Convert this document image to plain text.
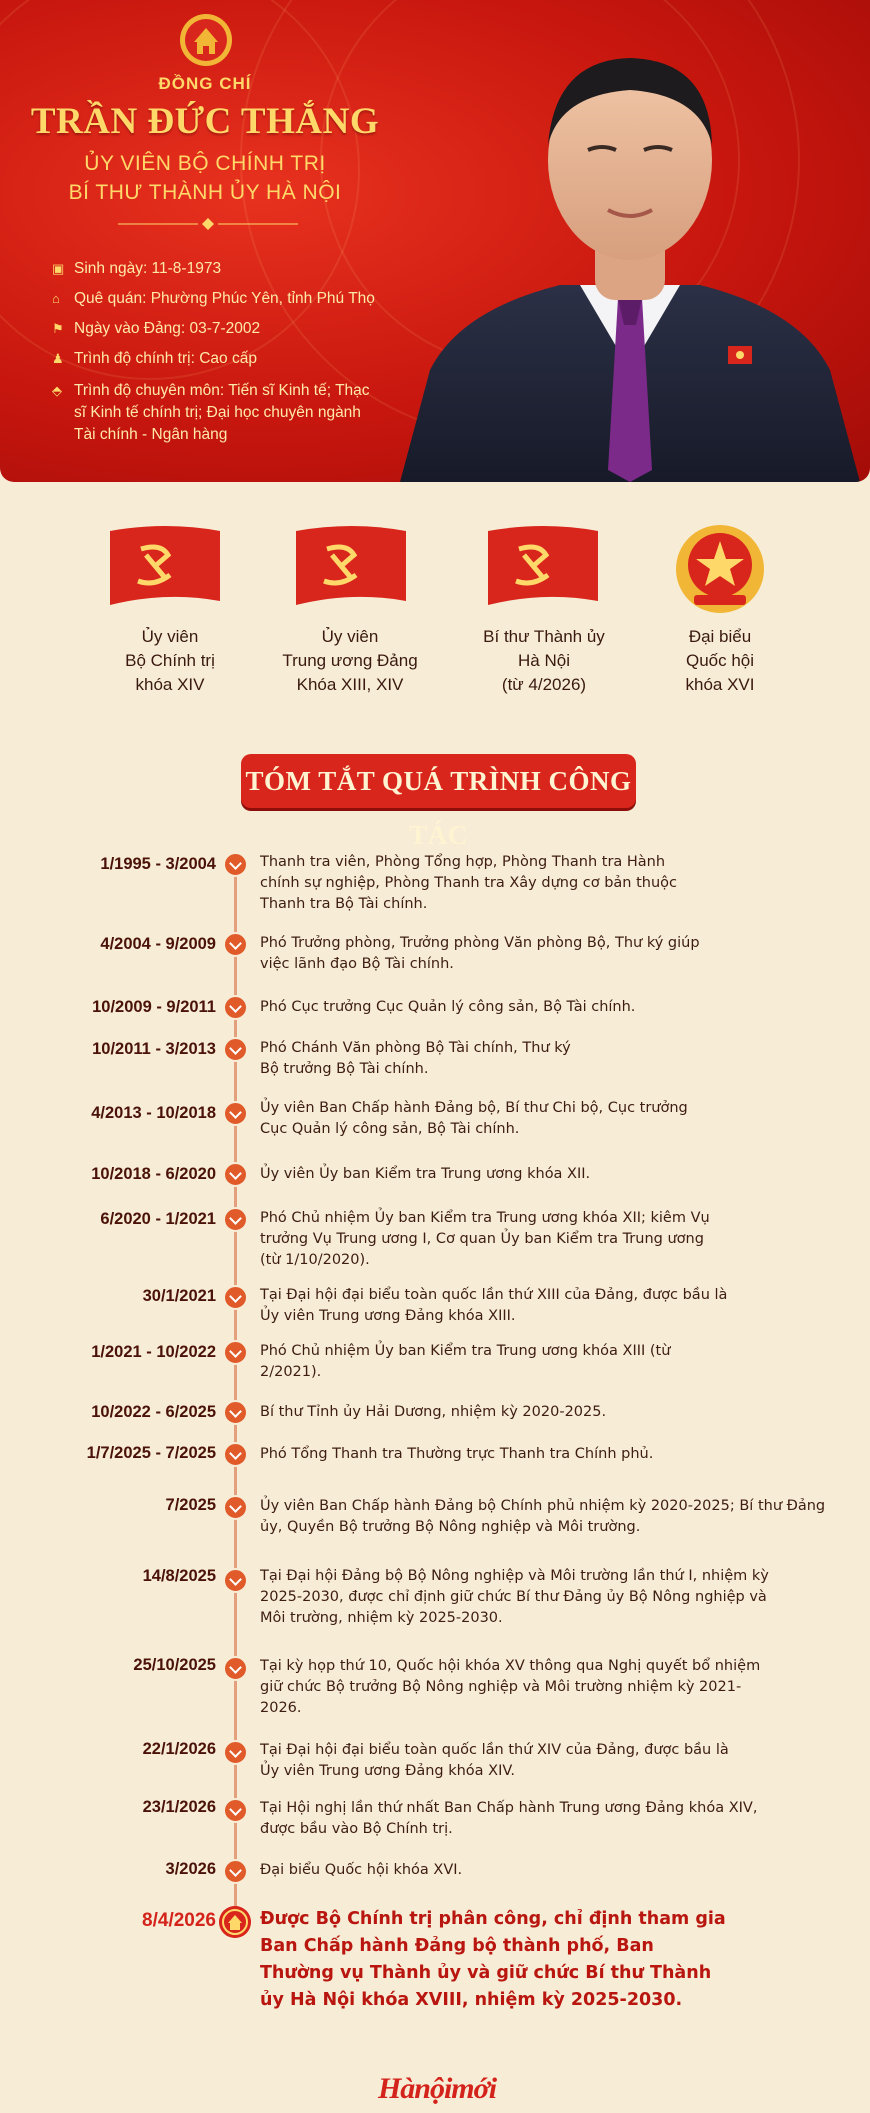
ĐỒNG CHÍ
TRẦN ĐỨC THẮNG
ỦY VIÊN BỘ CHÍNH TRỊ
BÍ THƯ THÀNH ỦY HÀ NỘI
▣ Sinh ngày: 11-8-1973
⌂ Quê quán: Phường Phúc Yên, tỉnh Phú Thọ
⚑ Ngày vào Đảng: 03-7-2002
♟ Trình độ chính trị: Cao cấp
⬘ Trình độ chuyên môn: Tiến sĩ Kinh tế; Thạc sĩ Kinh tế chính trị; Đại học chuyên ngành Tài chính - Ngân hàng
Ủy viên
Bộ Chính trị
khóa XIV
Ủy viên
Trung ương Đảng
Khóa XIII, XIV
Bí thư Thành ủy
Hà Nội
(từ 4/2026)
Đại biểu
Quốc hội
khóa XVI
TÓM TẮT QUÁ TRÌNH CÔNG TÁC
1/1995 - 3/2004	Thanh tra viên, Phòng Tổng hợp, Phòng Thanh tra Hành chính sự nghiệp, Phòng Thanh tra Xây dựng cơ bản thuộc Thanh tra Bộ Tài chính.
4/2004 - 9/2009	Phó Trưởng phòng, Trưởng phòng Văn phòng Bộ, Thư ký giúp việc lãnh đạo Bộ Tài chính.
10/2009 - 9/2011	Phó Cục trưởng Cục Quản lý công sản, Bộ Tài chính.
10/2011 - 3/2013	Phó Chánh Văn phòng Bộ Tài chính, Thư ký Bộ trưởng Bộ Tài chính.
4/2013 - 10/2018	Ủy viên Ban Chấp hành Đảng bộ, Bí thư Chi bộ, Cục trưởng Cục Quản lý công sản, Bộ Tài chính.
10/2018 - 6/2020	Ủy viên Ủy ban Kiểm tra Trung ương khóa XII.
6/2020 - 1/2021	Phó Chủ nhiệm Ủy ban Kiểm tra Trung ương khóa XII; kiêm Vụ trưởng Vụ Trung ương I, Cơ quan Ủy ban Kiểm tra Trung ương (từ 1/10/2020).
30/1/2021	Tại Đại hội đại biểu toàn quốc lần thứ XIII của Đảng, được bầu là Ủy viên Trung ương Đảng khóa XIII.
1/2021 - 10/2022	Phó Chủ nhiệm Ủy ban Kiểm tra Trung ương khóa XIII (từ 2/2021).
10/2022 - 6/2025	Bí thư Tỉnh ủy Hải Dương, nhiệm kỳ 2020-2025.
1/7/2025 - 7/2025	Phó Tổng Thanh tra Thường trực Thanh tra Chính phủ.
7/2025	Ủy viên Ban Chấp hành Đảng bộ Chính phủ nhiệm kỳ 2020-2025; Bí thư Đảng ủy, Quyền Bộ trưởng Bộ Nông nghiệp và Môi trường.
14/8/2025	Tại Đại hội Đảng bộ Bộ Nông nghiệp và Môi trường lần thứ I, nhiệm kỳ 2025-2030, được chỉ định giữ chức Bí thư Đảng ủy Bộ Nông nghiệp và Môi trường, nhiệm kỳ 2025-2030.
25/10/2025	Tại kỳ họp thứ 10, Quốc hội khóa XV thông qua Nghị quyết bổ nhiệm giữ chức Bộ trưởng Bộ Nông nghiệp và Môi trường nhiệm kỳ 2021-2026.
22/1/2026	Tại Đại hội đại biểu toàn quốc lần thứ XIV của Đảng, được bầu là Ủy viên Trung ương Đảng khóa XIV.
23/1/2026	Tại Hội nghị lần thứ nhất Ban Chấp hành Trung ương Đảng khóa XIV, được bầu vào Bộ Chính trị.
3/2026	Đại biểu Quốc hội khóa XVI.
8/4/2026	Được Bộ Chính trị phân công, chỉ định tham gia Ban Chấp hành Đảng bộ thành phố, Ban Thường vụ Thành ủy và giữ chức Bí thư Thành ủy Hà Nội khóa XVIII, nhiệm kỳ 2025-2030.
Hànộimới
